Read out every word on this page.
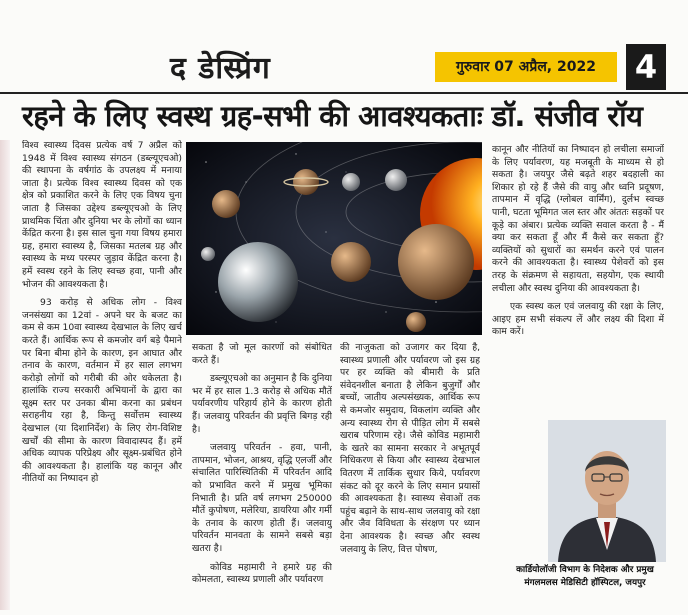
द डेस्प्रिंग	गुरुवार 07 अप्रैल, 2022	4
रहने के लिए स्वस्थ ग्रह-सभी की आवश्यकताः डॉ. संजीव रॉय

विश्व स्वास्थ्य दिवस प्रत्येक वर्ष 7 अप्रैल को 1948 में विश्व स्वास्थ्य संगठन (डब्ल्यूएचओ) की स्थापना के वर्षगांठ के उपलक्ष्य में मनाया जाता है। प्रत्येक विश्व स्वास्थ्य दिवस को एक क्षेत्र को प्रकाशित करने के लिए एक विषय चुना जाता है जिसका उद्देश्य डब्ल्यूएचओ के लिए प्राथमिक चिंता और दुनिया भर के लोगों का ध्यान केंद्रित करना है। इस साल चुना गया विषय हमारा ग्रह, हमारा स्वास्थ्य है, जिसका मतलब ग्रह और स्वास्थ्य के मध्य परस्पर जुड़ाव केंद्रित करना है। हमें स्वस्थ रहने के लिए स्वच्छ हवा, पानी और भोजन की आवश्यकता है।

93 करोड़ से अधिक लोग - विश्व जनसंख्या का 12वां - अपने घर के बजट का कम से कम 10वा स्वास्थ्य देखभाल के लिए खर्च करते हैं। आर्थिक रूप से कमजोर वर्ग बड़े पैमाने पर बिना बीमा होने के कारण, इन आघात और तनाव के कारण, वर्तमान में हर साल लगभग करोड़ो लोगों को गरीबी की ओर धकेलता है। हालांकि राज्य सरकारी अभियानों के द्वारा का सूक्ष्म स्तर पर उनका बीमा करना का प्रबंधन सराहनीय रहा है, किन्तु सर्वोत्तम स्वास्थ्य देखभाल (या दिशानिर्देश) के लिए रोग-विशिष्ट खर्चों की सीमा के कारण विवादास्पद हैं। हमें अधिक व्यापक परिप्रेक्ष्य और सूक्ष्म-प्रबंधित होने की आवश्यकता है। हालांकि यह कानून और नीतियों का निष्पादन हो

सकता है जो मूल कारणों को संबोधित करते हैं।

डब्ल्यूएचओ का अनुमान है कि दुनिया भर में हर साल 1.3 करोड़ से अधिक मौतें पर्यावरणीय परिहार्य होने के कारण होती हैं। जलवायु परिवर्तन की प्रवृत्ति बिगड़ रही है।

जलवायु परिवर्तन - हवा, पानी, तापमान, भोजन, आश्रय, वृद्धि एलर्जी और संचालित पारिस्थितिकी में परिवर्तन आदि को प्रभावित करने में प्रमुख भूमिका निभाती है। प्रति वर्ष लगभग 250000 मौतें कुपोषण, मलेरिया, डायरिया और गर्मी के तनाव के कारण होती हैं। जलवायु परिवर्तन मानवता के सामने सबसे बड़ा खतरा है।

कोविड महामारी ने हमारे ग्रह की कोमलता, स्वास्थ्य प्रणाली और पर्यावरण

की नाजुकता को उजागर कर दिया है, स्वास्थ्य प्रणाली और पर्यावरण जो इस ग्रह पर हर व्यक्ति को बीमारी के प्रति संवेदनशील बनाता है लेकिन बुजुर्गों और बच्चों, जातीय अल्पसंख्यक, आर्थिक रूप से कमजोर समुदाय, विकलांग व्यक्ति और अन्य स्वास्थ्य रोग से पीड़ित लोग में सबसे खराब परिणाम रहे। जैसे कोविड महामारी के खतरे का सामना सरकार ने अभूतपूर्व निधिकरण से किया और स्वास्थ्य देखभाल वितरण में तार्किक सुधार किये, पर्यावरण संकट को दूर करने के लिए समान प्रयासों की आवश्यकता है। स्वास्थ्य सेवाओं तक पहुंच बढ़ाने के साथ-साथ जलवायु को रक्षा और जैव विविधता के संरक्षण पर ध्यान देना आवश्यक है। स्वच्छ और स्वस्थ जलवायु के लिए, वित्त पोषण,

कानून और नीतियों का निष्पादन हो लचीला समाजों के लिए पर्यावरण, यह मजबूती के माध्यम से हो सकता है। जयपुर जैसे बढ़ते शहर बदहाली का शिकार हो रहे हैं जैसे की वायु और ध्वनि प्रदूषण, तापमान में वृद्धि (ग्लोबल वार्मिंग), दुर्लभ स्वच्छ पानी, घटता भूमिगत जल स्तर और अंततः सड़कों पर कूड़े का अंबार। प्रत्येक व्यक्ति सवाल करता है - मैं क्या कर सकता हूँ और मैं कैसे कर सकता हूँ? व्यक्तियों को सुधारों का समर्थन करने एवं पालन करने की आवश्यकता है। स्वास्थ्य पेशेवरों को इस तरह के संक्रमण से सहायता, सहयोग, एक स्थायी लचीला और स्वस्थ दुनिया की आवश्यकता है।

एक स्वस्थ कल एवं जलवायु की रक्षा के लिए, आइए हम सभी संकल्प लें और लक्ष्य की दिशा में काम करें।

कार्डियोलॉजी विभाग के निदेशक और प्रमुख
मंगलमलस मेडिसिटी हॉस्पिटल, जयपुर
